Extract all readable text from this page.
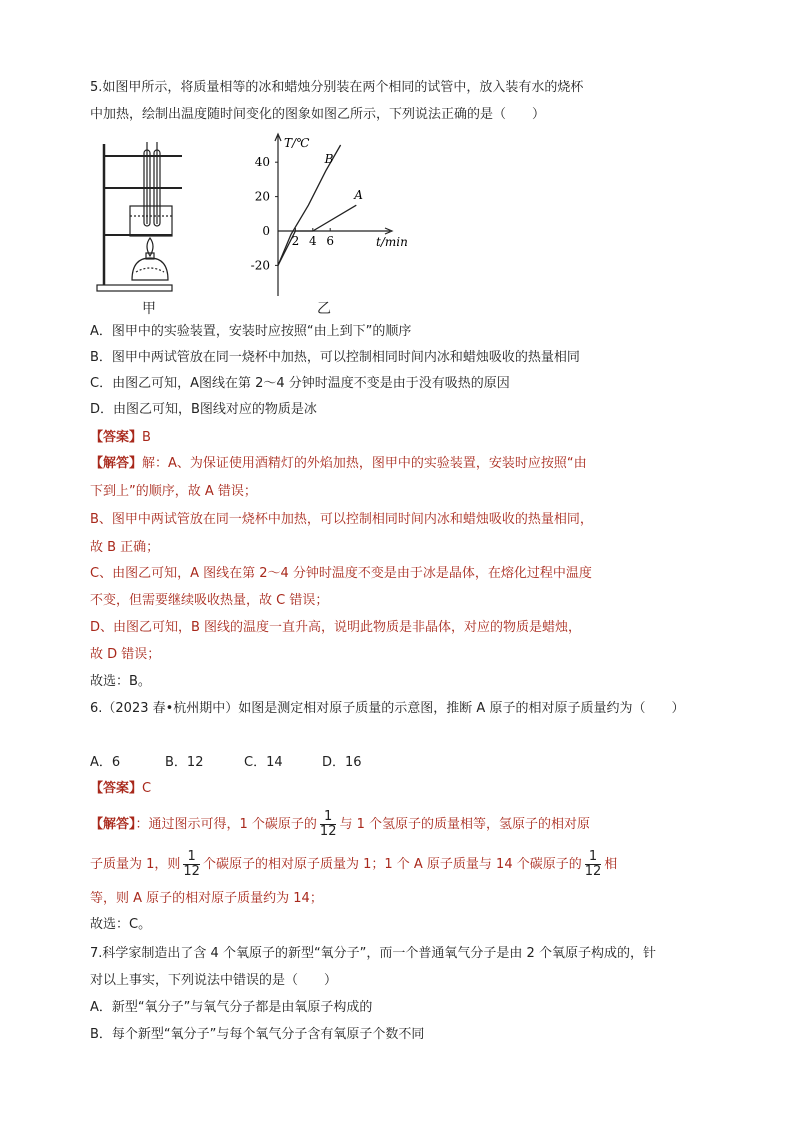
5.如图甲所示，将质量相等的冰和蜡烛分别装在两个相同的试管中，放入装有水的烧杯
中加热，绘制出温度随时间变化的图象如图乙所示，下列说法正确的是（　　）
甲
T/℃
t/min
-20
0
20
40
2 4 6
A
B
乙
A．图甲中的实验装置，安装时应按照“由上到下”的顺序
B．图甲中两试管放在同一烧杯中加热，可以控制相同时间内冰和蜡烛吸收的热量相同
C．由图乙可知，A图线在第 2～4 分钟时温度不变是由于没有吸热的原因
D．由图乙可知，B图线对应的物质是冰
【答案】B
【解答】解：A、为保证使用酒精灯的外焰加热，图甲中的实验装置，安装时应按照“由
下到上”的顺序，故 A 错误；
B、图甲中两试管放在同一烧杯中加热，可以控制相同时间内冰和蜡烛吸收的热量相同，
故 B 正确；
C、由图乙可知，A 图线在第 2～4 分钟时温度不变是由于冰是晶体，在熔化过程中温度
不变，但需要继续吸收热量，故 C 错误；
D、由图乙可知，B 图线的温度一直升高，说明此物质是非晶体，对应的物质是蜡烛，
故 D 错误；
故选：B。
6.（2023 春•杭州期中）如图是测定相对原子质量的示意图，推断 A 原子的相对原子质量约为（　　）
A．6	B．12	C．14	D．16
【答案】C
【解答】：通过图示可得，1 个碳原子的 $\frac{1}{12}$ 与 1 个氢原子的质量相等，氢原子的相对原
子质量为 1，则 $\frac{1}{12}$ 个碳原子的相对原子质量为 1；1 个 A 原子质量与 14 个碳原子的 $\frac{1}{12}$ 相
等，则 A 原子的相对原子质量约为 14；
故选：C。
7.科学家制造出了含 4 个氧原子的新型“氧分子”，而一个普通氧气分子是由 2 个氧原子构成的，针
对以上事实，下列说法中错误的是（　　）
A．新型“氧分子”与氧气分子都是由氧原子构成的
B．每个新型“氧分子”与每个氧气分子含有氧原子个数不同
